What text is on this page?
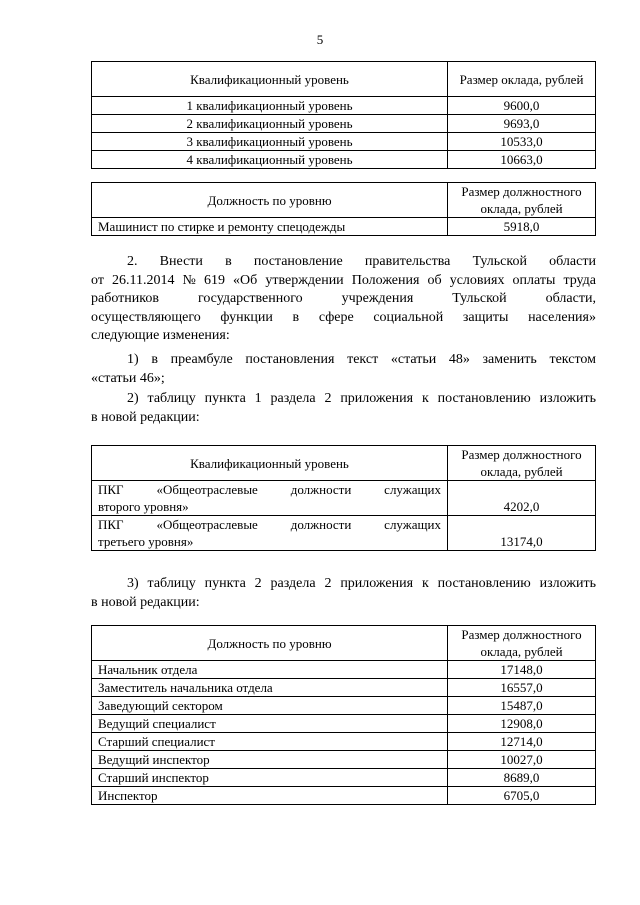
5
Квалификационный уровень	Размер оклада, рублей
1 квалификационный уровень	9600,0
2 квалификационный уровень	9693,0
3 квалификационный уровень	10533,0
4 квалификационный уровень	10663,0
Должность по уровню	Размер должностного оклада, рублей
Машинист по стирке и ремонту спецодежды	5918,0
2. Внести в постановление правительства Тульской области
от 26.11.2014 № 619 «Об утверждении Положения об условиях оплаты труда
работников	государственного	учреждения	Тульской	области,
осуществляющего функции в сфере социальной защиты населения»
следующие изменения:
1) в преамбуле постановления текст «статьи 48» заменить текстом
«статьи 46»;
2) таблицу пункта 1 раздела 2 приложения к постановлению изложить
в новой редакции:
Квалификационный уровень	Размер должностного оклада, рублей

ПКГ «Общеотраслевые должности служащих
второго уровня»	4202,0

ПКГ «Общеотраслевые должности служащих
третьего уровня»	13174,0
3) таблицу пункта 2 раздела 2 приложения к постановлению изложить
в новой редакции:
Должность по уровню	Размер должностного оклада, рублей
Начальник отдела	17148,0
Заместитель начальника отдела	16557,0
Заведующий сектором	15487,0
Ведущий специалист	12908,0
Старший специалист	12714,0
Ведущий инспектор	10027,0
Старший инспектор	8689,0
Инспектор	6705,0
